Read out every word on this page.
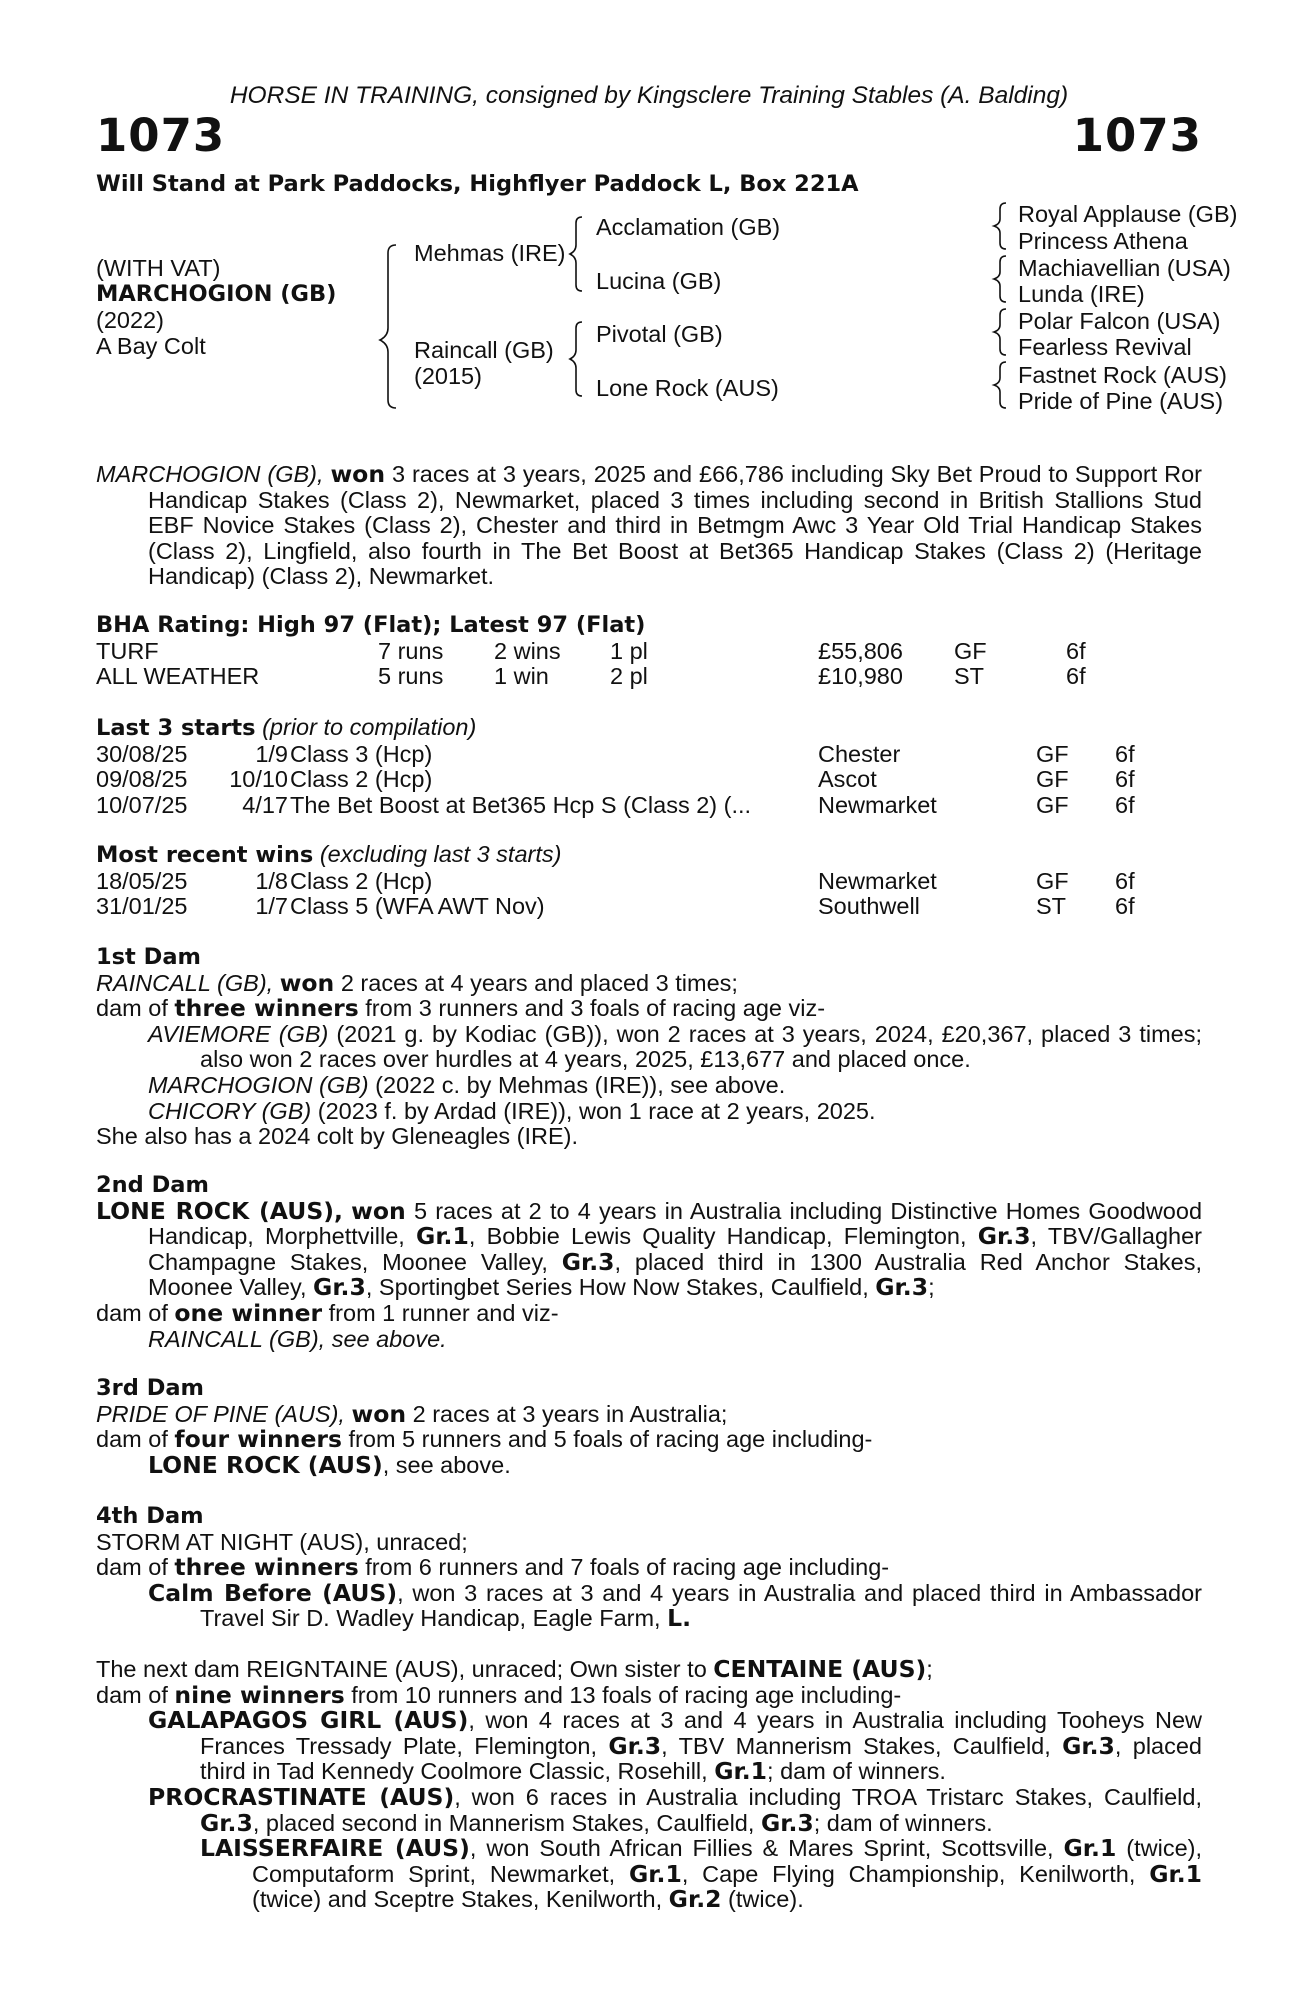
HORSE IN TRAINING, consigned by Kingsclere Training Stables (A. Balding)
1073	1073
Will Stand at Park Paddocks, Highflyer Paddock L, Box 221A
(WITH VAT)
MARCHOGION (GB)
(2022)
A Bay Colt
Mehmas (IRE)
Raincall (GB)
(2015)
Acclamation (GB)
Lucina (GB)
Pivotal (GB)
Lone Rock (AUS)
Royal Applause (GB)
Princess Athena
Machiavellian (USA)
Lunda (IRE)
Polar Falcon (USA)
Fearless Revival
Fastnet Rock (AUS)
Pride of Pine (AUS)

MARCHOGION (GB), won 3 races at 3 years, 2025 and £66,786 including Sky Bet Proud to Support Ror Handicap Stakes (Class 2), Newmarket, placed 3 times including second in British Stallions Stud EBF Novice Stakes (Class 2), Chester and third in Betmgm Awc 3 Year Old Trial Handicap Stakes (Class 2), Lingfield, also fourth in The Bet Boost at Bet365 Handicap Stakes (Class 2) (Heritage Handicap) (Class 2), Newmarket.

BHA Rating: High 97 (Flat); Latest 97 (Flat)
TURF	7 runs 2 wins 1 pl	£55,806 GF	6f
ALL WEATHER	5 runs 1 win	2 pl	£10,980 ST	6f
Last 3 starts (prior to compilation)
30/08/25	1/9 Class 3 (Hcp)	Chester	GF 6f
09/08/25 10/10 Class 2 (Hcp)	Ascot	GF 6f
10/07/25 4/17 The Bet Boost at Bet365 Hcp S (Class 2) (...	Newmarket	GF 6f
Most recent wins (excluding last 3 starts)
18/05/25	1/8 Class 2 (Hcp)	Newmarket	GF 6f
31/01/25	1/7 Class 5 (WFA AWT Nov)	Southwell	ST 6f
1st Dam
RAINCALL (GB), won 2 races at 4 years and placed 3 times;
dam of three winners from 3 runners and 3 foals of racing age viz-

AVIEMORE (GB) (2021 g. by Kodiac (GB)), won 2 races at 3 years, 2024, £20,367, placed 3 times; also won 2 races over hurdles at 4 years, 2025, £13,677 and placed once.

MARCHOGION (GB) (2022 c. by Mehmas (IRE)), see above.

CHICORY (GB) (2023 f. by Ardad (IRE)), won 1 race at 2 years, 2025.

She also has a 2024 colt by Gleneagles (IRE).
2nd Dam

LONE ROCK (AUS), won 5 races at 2 to 4 years in Australia including Distinctive Homes Goodwood Handicap, Morphettville, Gr.1, Bobbie Lewis Quality Handicap, Flemington, Gr.3, TBV/Gallagher Champagne Stakes, Moonee Valley, Gr.3, placed third in 1300 Australia Red Anchor Stakes, Moonee Valley, Gr.3, Sportingbet Series How Now Stakes, Caulfield, Gr.3;

dam of one winner from 1 runner and viz-
RAINCALL (GB), see above.
3rd Dam
PRIDE OF PINE (AUS), won 2 races at 3 years in Australia;
dam of four winners from 5 runners and 5 foals of racing age including-
LONE ROCK (AUS), see above.
4th Dam
STORM AT NIGHT (AUS), unraced;
dam of three winners from 6 runners and 7 foals of racing age including-

Calm Before (AUS), won 3 races at 3 and 4 years in Australia and placed third in Ambassador Travel Sir D. Wadley Handicap, Eagle Farm, L.

The next dam REIGNTAINE (AUS), unraced; Own sister to CENTAINE (AUS);
dam of nine winners from 10 runners and 13 foals of racing age including-

GALAPAGOS GIRL (AUS), won 4 races at 3 and 4 years in Australia including Tooheys New Frances Tressady Plate, Flemington, Gr.3, TBV Mannerism Stakes, Caulfield, Gr.3, placed third in Tad Kennedy Coolmore Classic, Rosehill, Gr.1; dam of winners.

PROCRASTINATE (AUS), won 6 races in Australia including TROA Tristarc Stakes, Caulfield, Gr.3, placed second in Mannerism Stakes, Caulfield, Gr.3; dam of winners.

LAISSERFAIRE (AUS), won South African Fillies & Mares Sprint, Scottsville, Gr.1 (twice), Computaform Sprint, Newmarket, Gr.1, Cape Flying Championship, Kenilworth, Gr.1 (twice) and Sceptre Stakes, Kenilworth, Gr.2 (twice).
